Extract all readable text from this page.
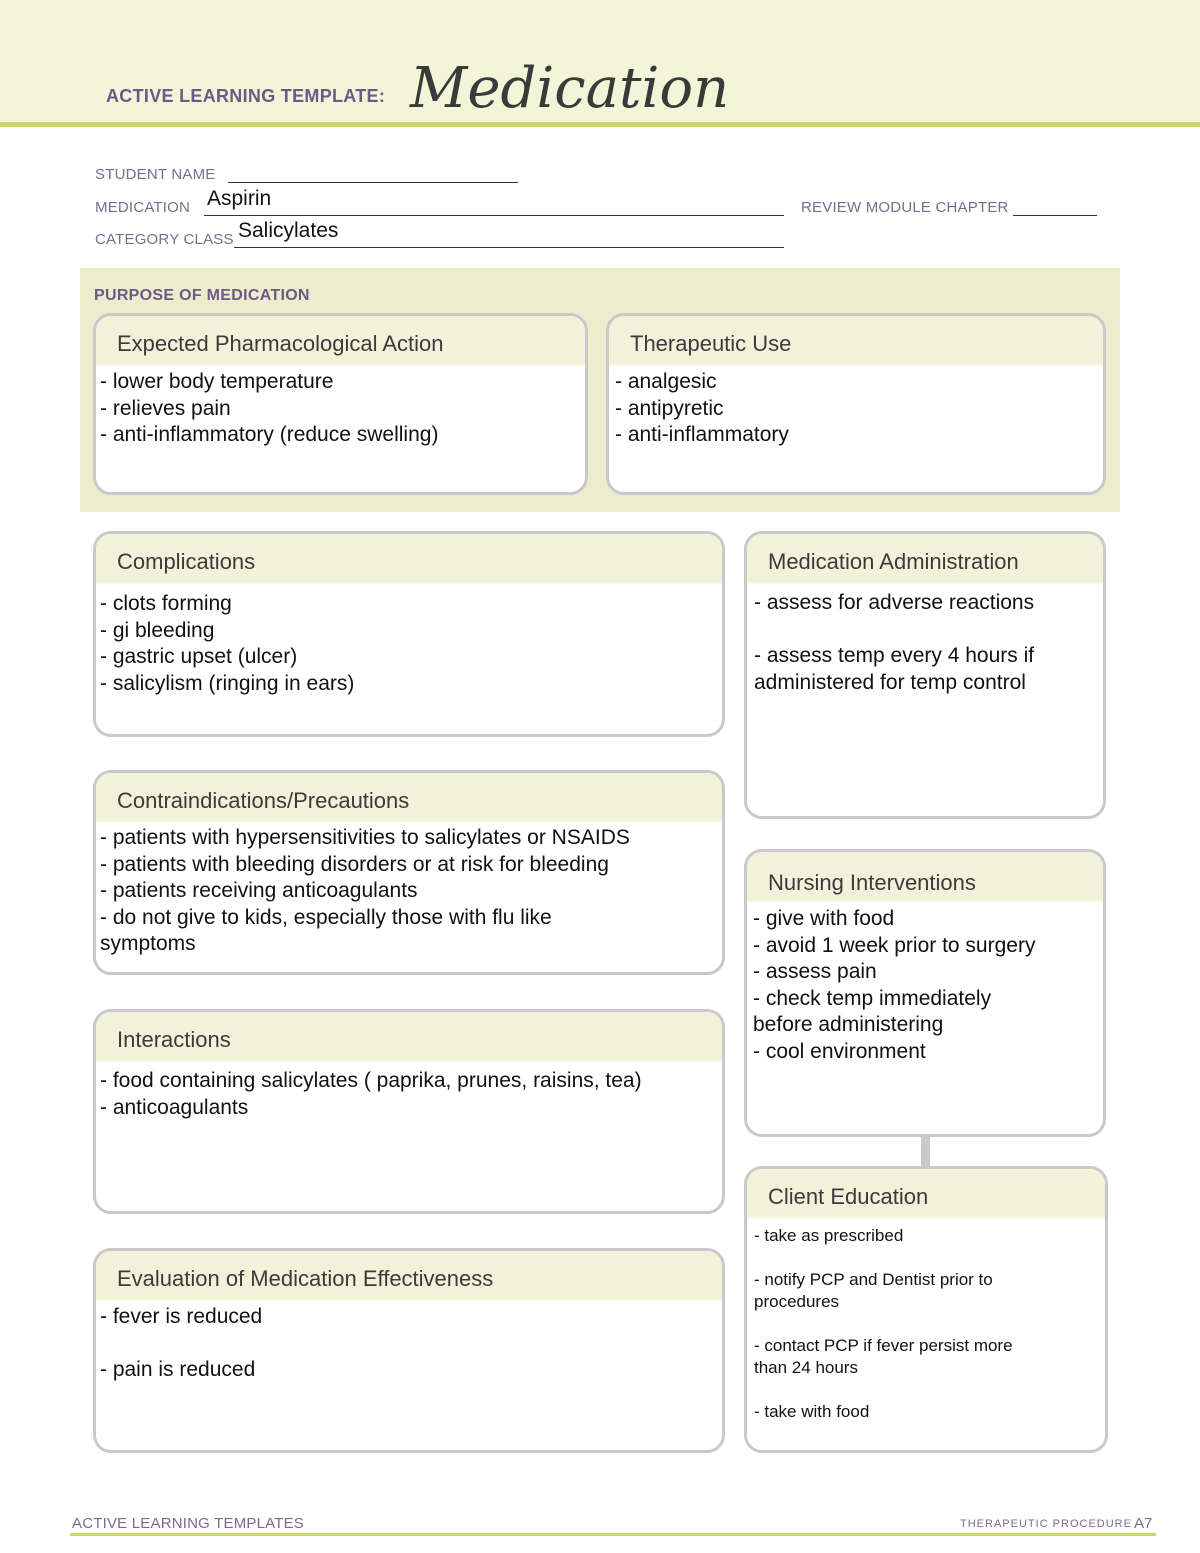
ACTIVE LEARNING TEMPLATE: Medication
STUDENT NAME

MEDICATION Aspirin	REVIEW MODULE CHAPTER

CATEGORY CLASS Salicylates
PURPOSE OF MEDICATION
Expected Pharmacological Action
- lower body temperature
- relieves pain
- anti-inflammatory (reduce swelling)
Therapeutic Use
- analgesic
- antipyretic
- anti-inflammatory
Complications
- clots forming
- gi bleeding
- gastric upset (ulcer)
- salicylism (ringing in ears)
Contraindications/Precautions
- patients with hypersensitivities to salicylates or NSAIDS
- patients with bleeding disorders or at risk for bleeding
- patients receiving anticoagulants
- do not give to kids, especially those with flu like
symptoms
Interactions
- food containing salicylates ( paprika, prunes, raisins, tea)
- anticoagulants
Evaluation of Medication Effectiveness
- fever is reduced

- pain is reduced
Medication Administration
- assess for adverse reactions

- assess temp every 4 hours if
administered for temp control
Nursing Interventions
- give with food
- avoid 1 week prior to surgery
- assess pain
- check temp immediately
before administering
- cool environment
Client Education
- take as prescribed

- notify PCP and Dentist prior to
procedures

- contact PCP if fever persist more
than 24 hours

- take with food
ACTIVE LEARNING TEMPLATES	THERAPEUTIC PROCEDURE A7
